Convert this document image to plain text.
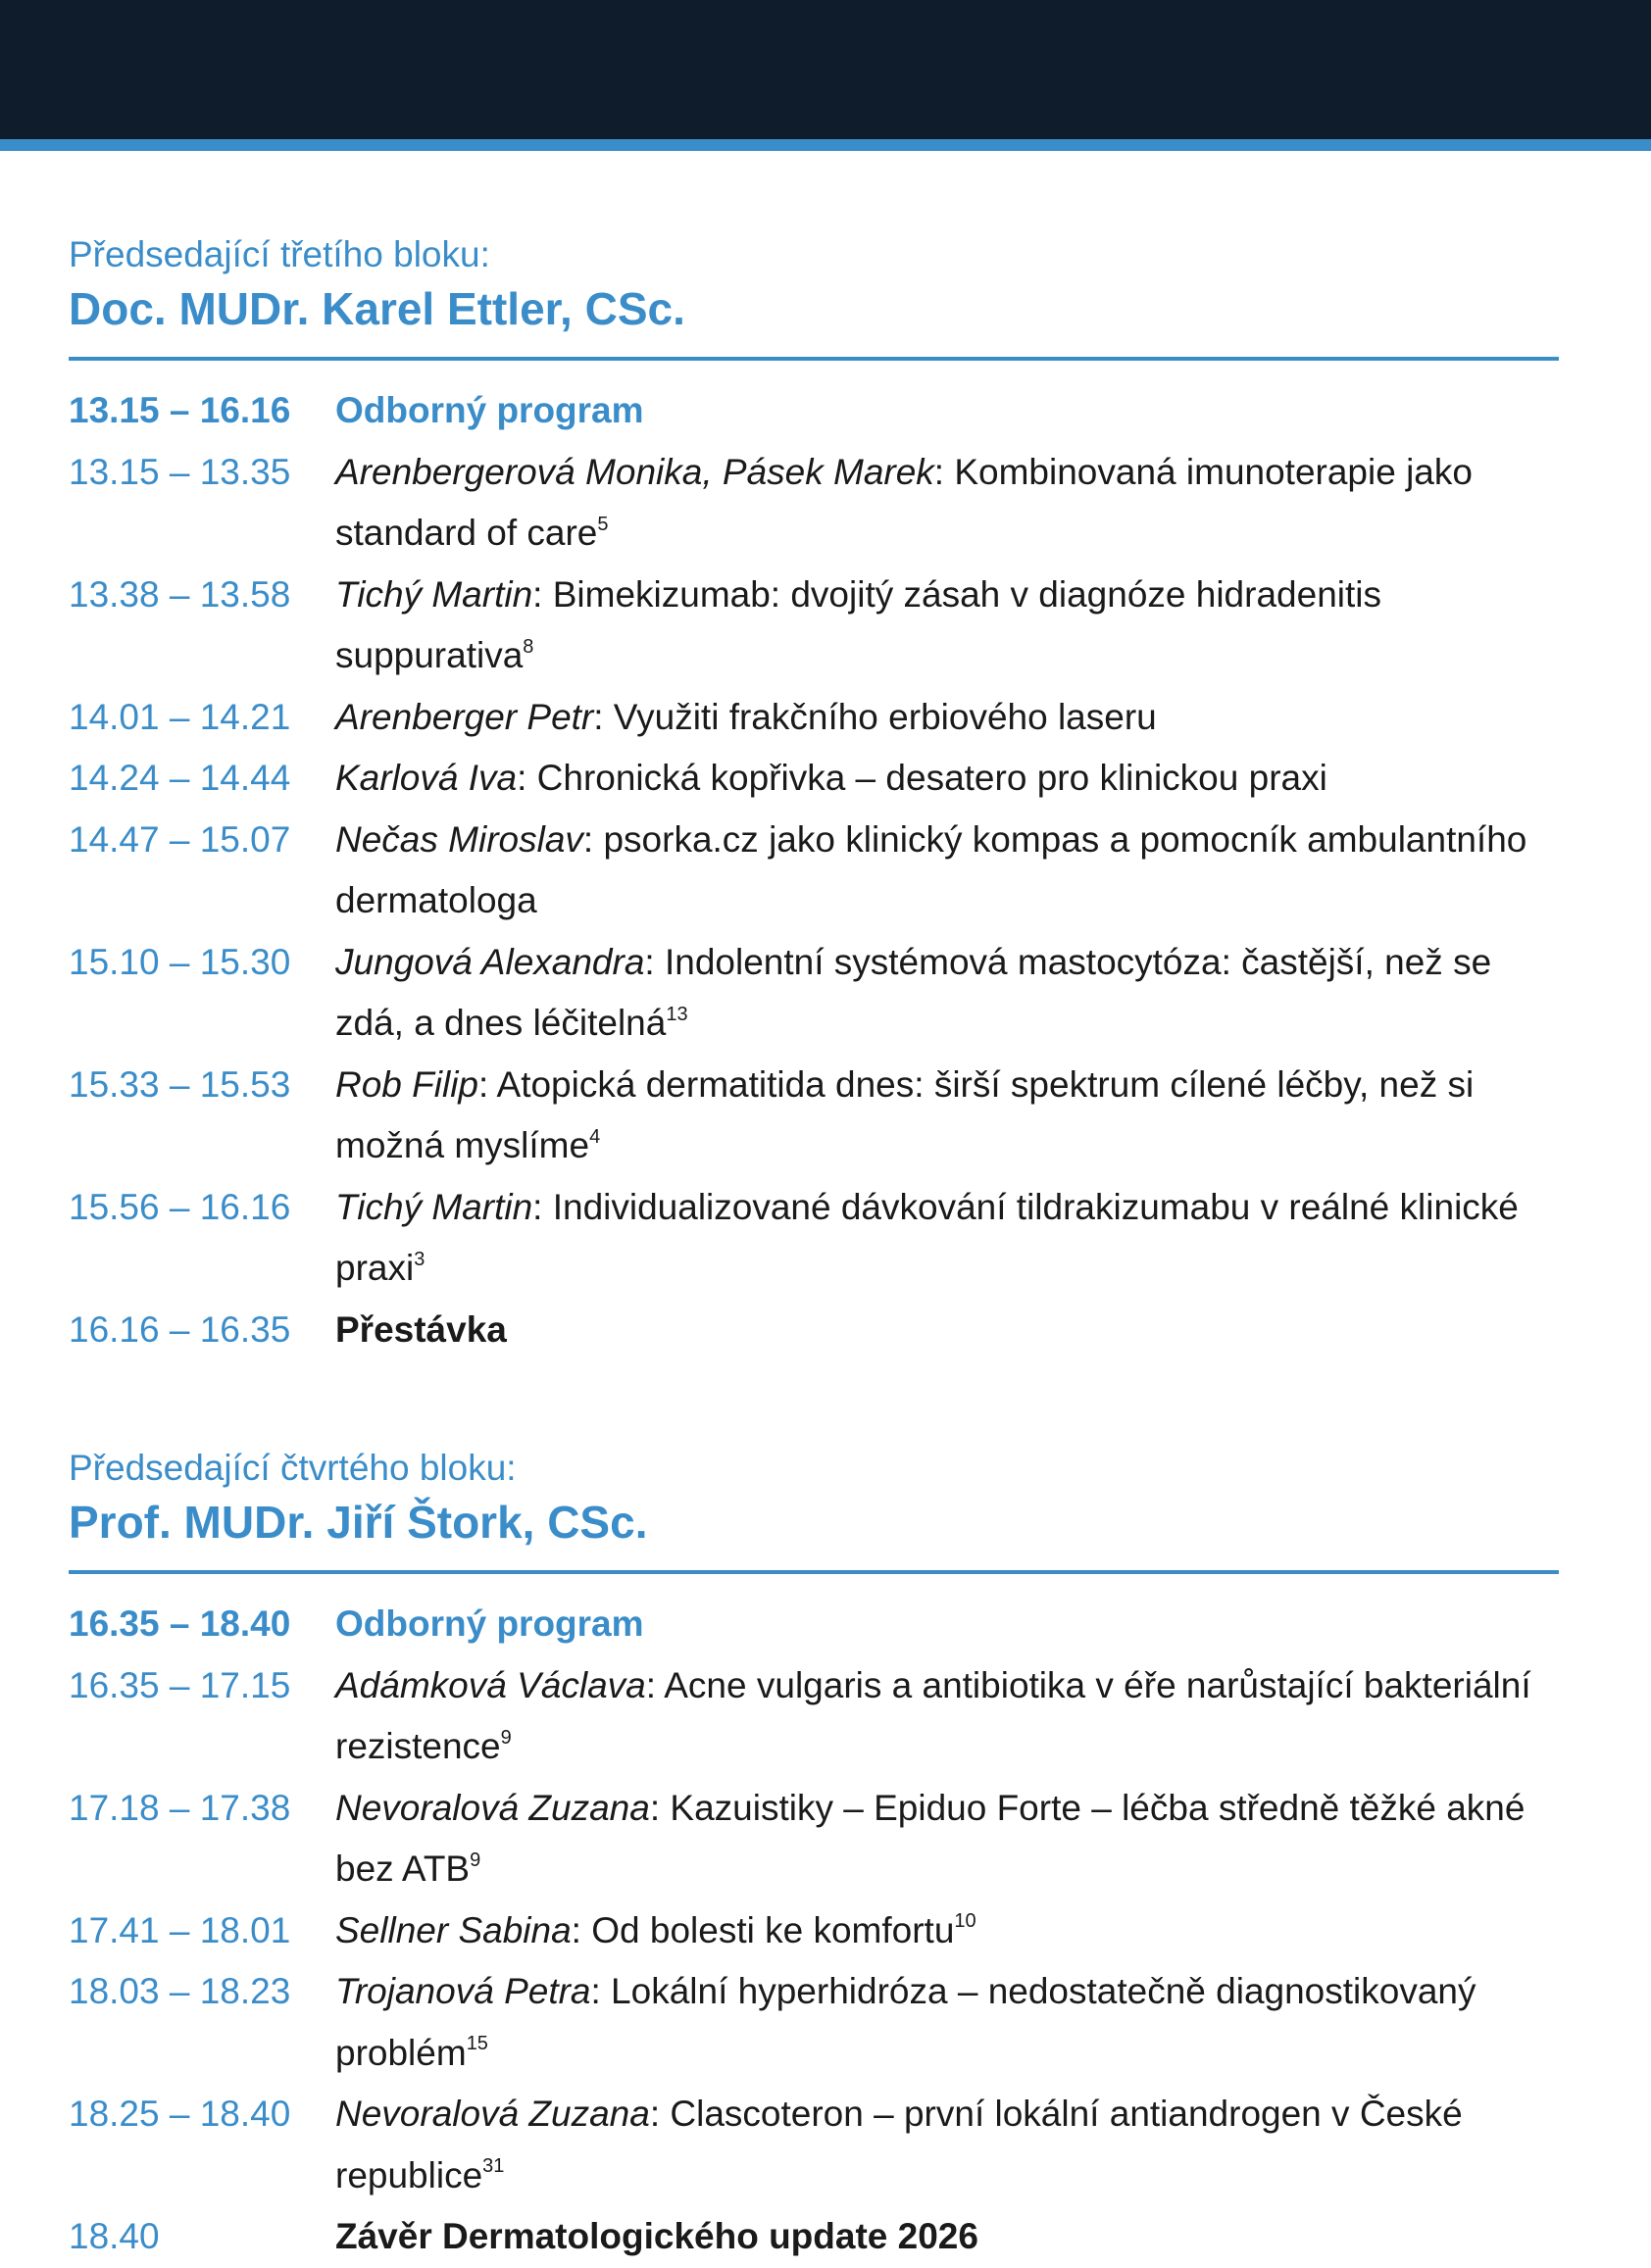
Předsedající třetího bloku:
Doc. MUDr. Karel Ettler, CSc.
13.15 – 16.16	Odborný program
13.15 – 13.35	Arenbergerová Monika, Pásek Marek: Kombinovaná imunoterapie jako standard of care$^5$
13.38 – 13.58	Tichý Martin: Bimekizumab: dvojitý zásah v diagnóze hidradenitis suppurativa$^8$
14.01 – 14.21	Arenberger Petr: Využiti frakčního erbiového laseru
14.24 – 14.44	Karlová Iva: Chronická kopřivka – desatero pro klinickou praxi
14.47 – 15.07	Nečas Miroslav: psorka.cz jako klinický kompas a pomocník ambulantního dermatologa
15.10 – 15.30	Jungová Alexandra: Indolentní systémová mastocytóza: častější, než se zdá, a dnes léčitelná$^{13}$
15.33 – 15.53	Rob Filip: Atopická dermatitida dnes: širší spektrum cílené léčby, než si možná myslíme$^4$
15.56 – 16.16	Tichý Martin: Individualizované dávkování tildrakizumabu v reálné klinické praxi$^3$
16.16 – 16.35	Přestávka
Předsedající čtvrtého bloku:
Prof. MUDr. Jiří Štork, CSc.
16.35 – 18.40	Odborný program
16.35 – 17.15	Adámková Václava: Acne vulgaris a antibiotika v éře narůstající bakteriální rezistence$^9$
17.18 – 17.38	Nevoralová Zuzana: Kazuistiky – Epiduo Forte – léčba středně těžké akné bez ATB$^9$
17.41 – 18.01	Sellner Sabina: Od bolesti ke komfortu$^{10}$
18.03 – 18.23	Trojanová Petra: Lokální hyperhidróza – nedostatečně diagnostikovaný problém$^{15}$
18.25 – 18.40	Nevoralová Zuzana: Clascoteron – první lokální antiandrogen v České republice$^{31}$
18.40	Závěr Dermatologického update 2026
